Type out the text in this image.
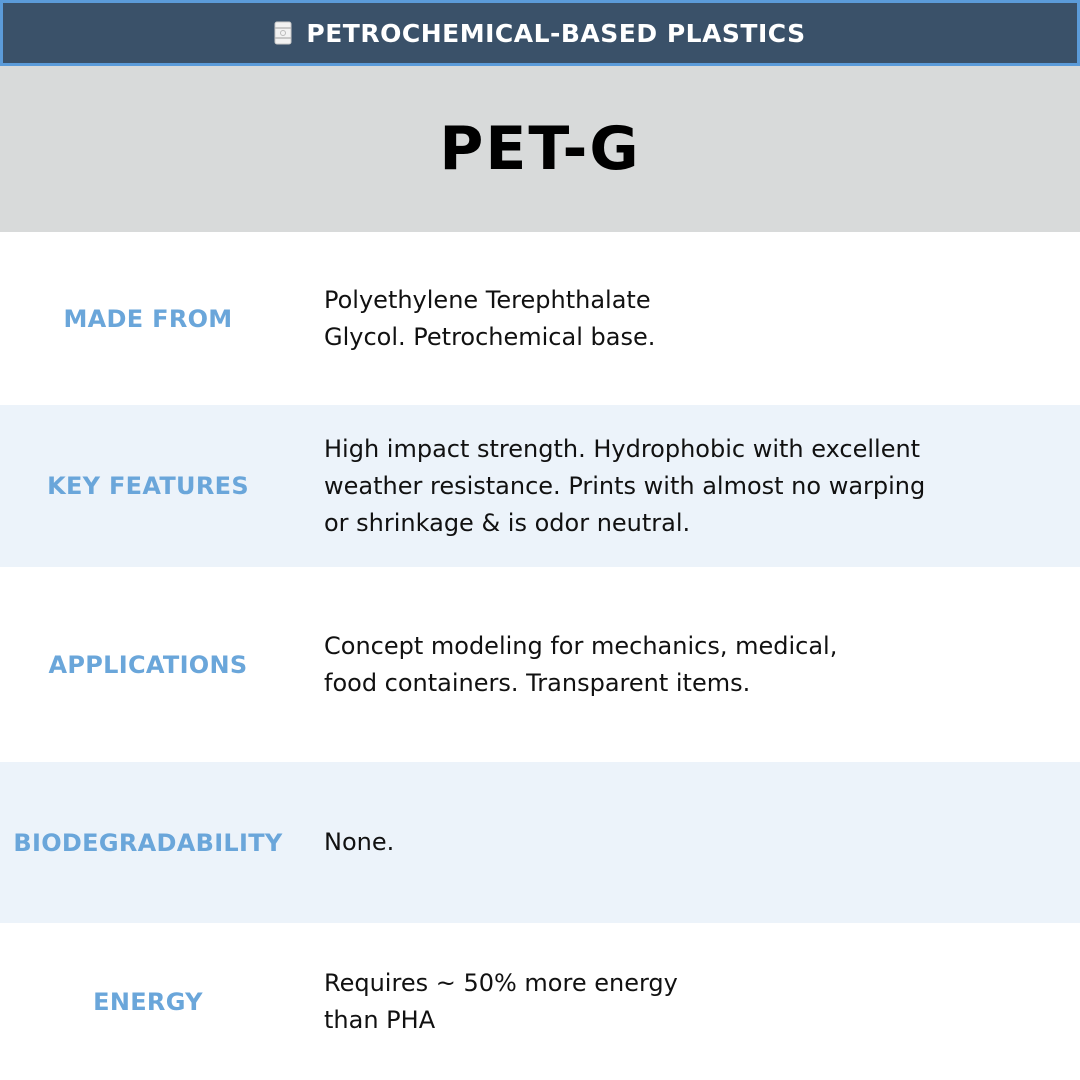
PETROCHEMICAL-BASED PLASTICS
PET-G
MADE FROM
Polyethylene Terephthalate
Glycol. Petrochemical base.
KEY FEATURES
High impact strength. Hydrophobic with excellent
weather resistance. Prints with almost no warping
or shrinkage & is odor neutral.
APPLICATIONS
Concept modeling for mechanics, medical,
food containers. Transparent items.
BIODEGRADABILITY	None.
ENERGY
Requires ~ 50% more energy
than PHA
